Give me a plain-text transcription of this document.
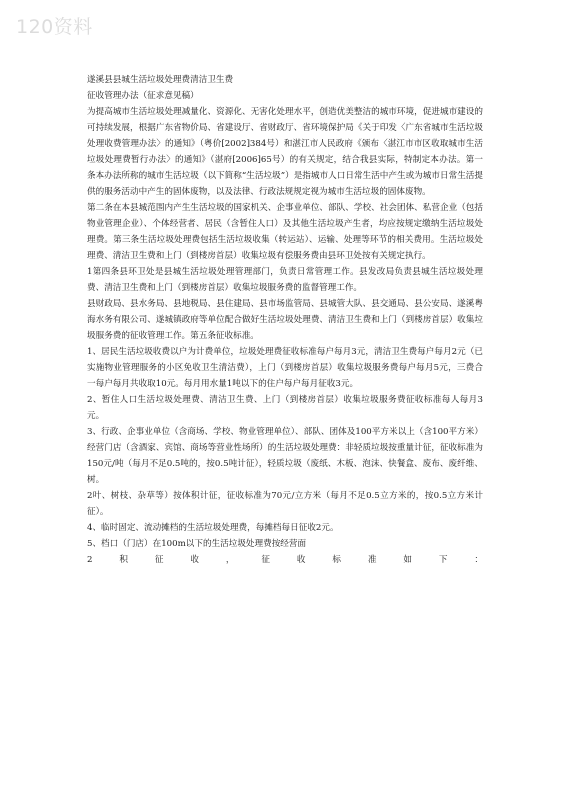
120资料

遂溪县县城生活垃圾处理费清洁卫生费

征收管理办法（征求意见稿）

为提高城市生活垃圾处理减量化、资源化、无害化处理水平，创造优美整洁的城市环境，促进城市建设的可持续发展，根据广东省物价局、省建设厅、省财政厅、省环境保护局《关于印发〈广东省城市生活垃圾处理收费管理办法〉的通知》（粤价[2002]384号）和湛江市人民政府《颁布〈湛江市市区收取城市生活垃圾处理费暂行办法〉的通知》（湛府[2006]65号）的有关规定，结合我县实际，特制定本办法。第一条本办法所称的城市生活垃圾（以下简称“生活垃圾”）是指城市人口日常生活中产生或为城市日常生活提供的服务活动中产生的固体废物，以及法律、行政法规规定视为城市生活垃圾的固体废物。

第二条在本县城范围内产生生活垃圾的国家机关、企事业单位、部队、学校、社会团体、私营企业（包括物业管理企业）、个体经营者、居民（含暂住人口）及其他生活垃圾产生者，均应按规定缴纳生活垃圾处理费。第三条生活垃圾处理费包括生活垃圾收集（转运站）、运输、处理等环节的相关费用。生活垃圾处理费、清洁卫生费和上门（到楼房首层）收集垃圾有偿服务费由县环卫处按有关规定执行。

1第四条县环卫处是县城生活垃圾处理管理部门，负责日常管理工作。县发改局负责县城生活垃圾处理费、清洁卫生费和上门（到楼房首层）收集垃圾服务费的监督管理工作。

县财政局、县水务局、县地税局、县住建局、县市场监管局、县城管大队、县交通局、县公安局、遂溪粤海水务有限公司、遂城镇政府等单位配合做好生活垃圾处理费、清洁卫生费和上门（到楼房首层）收集垃圾服务费的征收管理工作。第五条征收标准。

1、居民生活垃圾收费以户为计费单位，垃圾处理费征收标准每户每月3元，清洁卫生费每户每月2元（已实施物业管理服务的小区免收卫生清洁费），上门（到楼房首层）收集垃圾服务费每户每月5元，三费合一每户每月共收取10元。每月用水量1吨以下的住户每户每月征收3元。

2、暂住人口生活垃圾处理费、清洁卫生费、上门（到楼房首层）收集垃圾服务费征收标准每人每月3元。

3、行政、企事业单位（含商场、学校、物业管理单位）、部队、团体及100平方米以上（含100平方米）经营门店（含酒家、宾馆、商场等营业性场所）的生活垃圾处理费：非轻质垃圾按重量计征，征收标准为150元/吨（每月不足0.5吨的，按0.5吨计征），轻质垃圾（废纸、木板、泡沫、快餐盒、废布、废纤维、树。

2叶、树枝、杂草等）按体积计征，征收标准为70元/立方米（每月不足0.5立方米的，按0.5立方米计征）。

4、临时固定、流动摊档的生活垃圾处理费，每摊档每日征收2元。

5、档口（门店）在100m以下的生活垃圾处理费按经营面

2	积	征	收	，	征	收	标	准	如	下	：
